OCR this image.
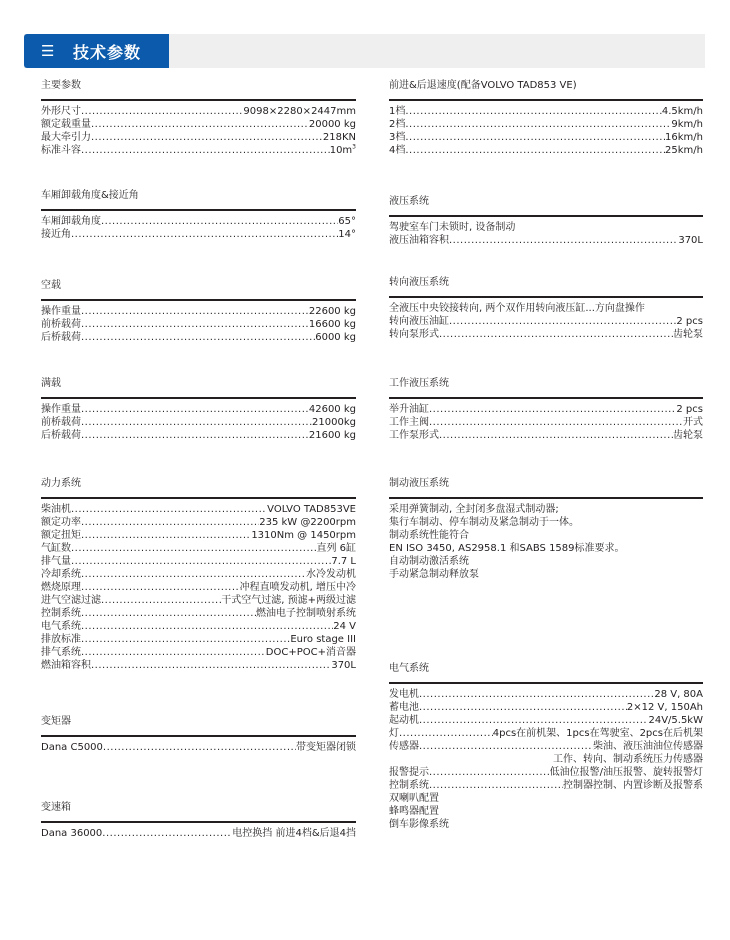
☰ 技术参数
主要参数
外形尺寸 .....	9098×2280×2447mm
额定载重量 .....	20000 kg
最大牵引力 .....	218KN
标准斗容 .....	$10m^3$
车厢卸载角度&接近角
车厢卸载角度 .....	65°
接近角 .....	14°
空载
操作重量 .....	22600 kg
前桥载荷 .....	16600 kg
后桥载荷 .....	6000 kg
满载
操作重量 .....	42600 kg
前桥载荷 .....	21000kg
后桥载荷 .....	21600 kg
动力系统
柴油机 .....	VOLVO TAD853VE
额定功率 .....	235 kW @2200rpm
额定扭矩 .....	1310Nm @ 1450rpm
气缸数 .....	直列 6缸
排气量 .....	7.7 L
冷却系统 .....	水冷发动机
燃烧原理 .....	冲程直喷发动机, 增压中冷
进气空滤过滤 .....	干式空气过滤, 预滤+两级过滤
控制系统 .....	燃油电子控制喷射系统
电气系统 .....	24 V
排放标准 .....	Euro stage III
排气系统 .....	DOC+POC+消音器
燃油箱容积 .....	370L
变矩器
Dana C5000 .....	带变矩器闭锁
变速箱
Dana 36000 .....	电控换挡 前进4档&后退4挡
前进&后退速度(配备VOLVO TAD853 VE)
1档 .....	4.5km/h
2档 .....	9km/h
3档 .....	16km/h
4档 .....	25km/h
液压系统
驾驶室车门未锁时, 设备制动
液压油箱容积 .....	370L
转向液压系统
全液压中央铰接转向, 两个双作用转向液压缸...方向盘操作
转向液压油缸 .....	2 pcs
转向泵形式 .....	齿轮泵
工作液压系统
举升油缸 .....	2 pcs
工作主阀 .....	开式
工作泵形式 .....	齿轮泵
制动液压系统
采用弹簧制动, 全封闭多盘湿式制动器;
集行车制动、停车制动及紧急制动于一体。
制动系统性能符合
EN ISO 3450, AS2958.1 和SABS 1589标准要求。
自动制动激活系统
手动紧急制动释放泵
电气系统
发电机 .....	28 V, 80A
蓄电池 .....	2×12 V, 150Ah
起动机 .....	24V/5.5kW
灯 .....	4pcs在前机架、1pcs在驾驶室、2pcs在后机架
传感器 .....	柴油、液压油油位传感器
工作、转向、制动系统压力传感器
报警提示 .....	低油位报警/油压报警、旋转报警灯
控制系统 .....	控制器控制、内置诊断及报警系
双喇叭配置
蜂鸣器配置
倒车影像系统
